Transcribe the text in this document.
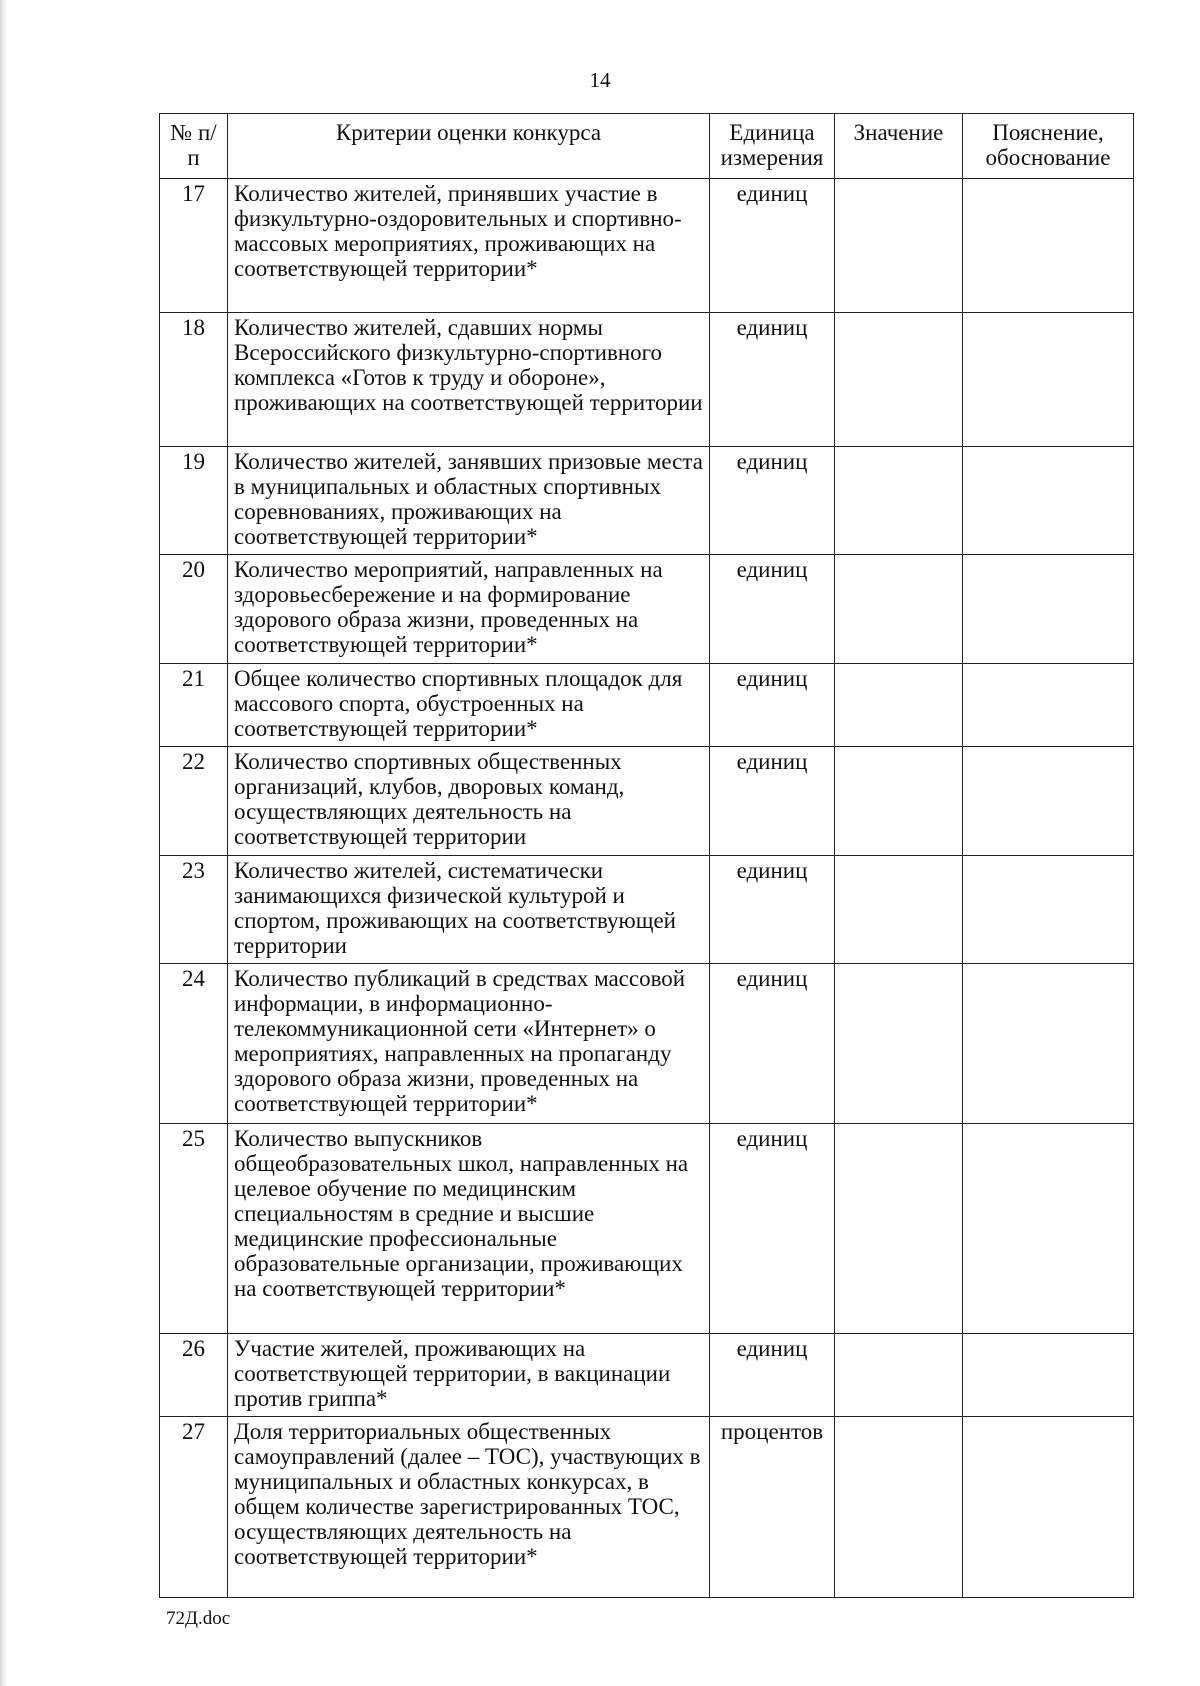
14
№ п/п	Критерии оценки конкурса	Единица измерения	Значение	Пояснение, обоснование
17	Количество жителей, принявших участие в физкультурно-оздоровительных и спортивно-массовых мероприятиях, проживающих на соответствующей территории*	единиц		
18	Количество жителей, сдавших нормы Всероссийского физкультурно-спортивного комплекса «Готов к труду и обороне», проживающих на соответствующей территории	единиц		
19	Количество жителей, занявших призовые места в муниципальных и областных спортивных соревнованиях, проживающих на соответствующей территории*	единиц		
20	Количество мероприятий, направленных на здоровьесбережение и на формирование здорового образа жизни, проведенных на соответствующей территории*	единиц		
21	Общее количество спортивных площадок для массового спорта, обустроенных на соответствующей территории*	единиц		
22	Количество спортивных общественных организаций, клубов, дворовых команд, осуществляющих деятельность на соответствующей территории	единиц		
23	Количество жителей, систематически занимающихся физической культурой и спортом, проживающих на соответствующей территории	единиц		
24	Количество публикаций в средствах массовой информации, в информационно-телекоммуникационной сети «Интернет» о мероприятиях, направленных на пропаганду здорового образа жизни, проведенных на соответствующей территории*	единиц		
25	Количество выпускников общеобразовательных школ, направленных на целевое обучение по медицинским специальностям в средние и высшие медицинские профессиональные образовательные организации, проживающих на соответствующей территории*	единиц		
26	Участие жителей, проживающих на соответствующей территории, в вакцинации против гриппа*	единиц		
27	Доля территориальных общественных самоуправлений (далее – ТОС), участвующих в муниципальных и областных конкурсах, в общем количестве зарегистрированных ТОС, осуществляющих деятельность на соответствующей территории*	процентов		
72Д.doc
